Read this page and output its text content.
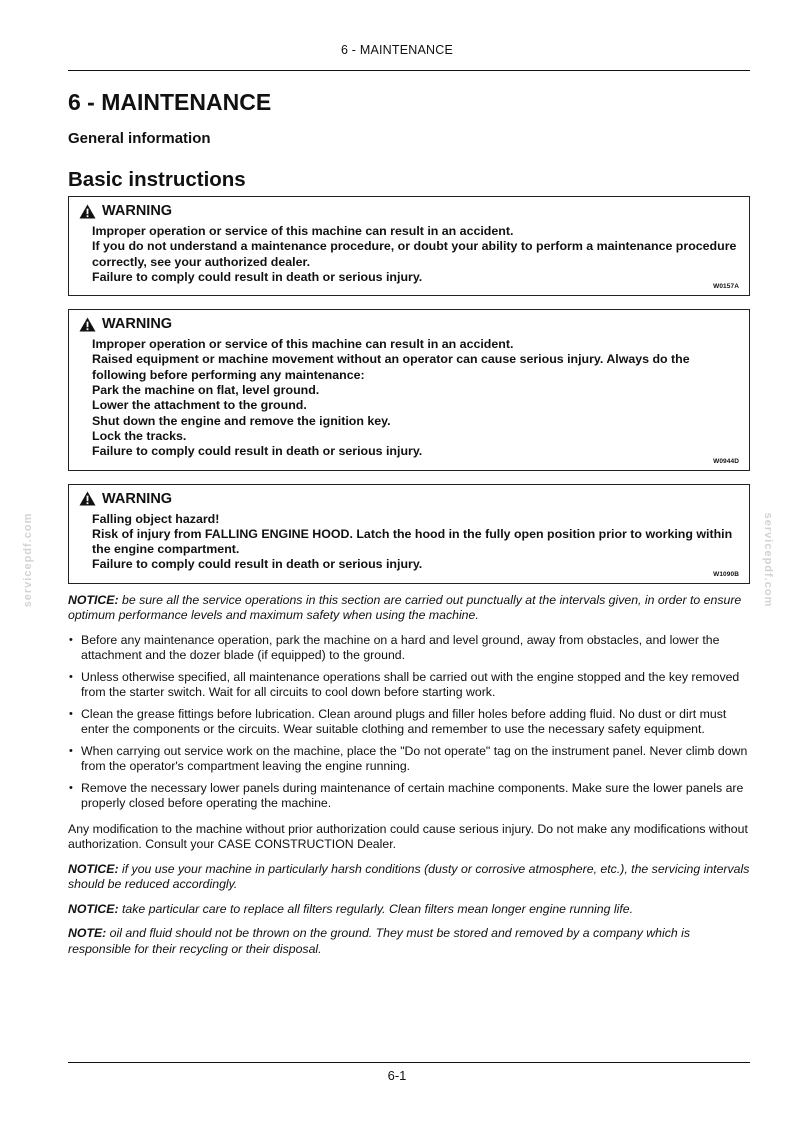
6 - MAINTENANCE
servicepdf.com	servicepdf.com
6 - MAINTENANCE
General information
Basic instructions
WARNING
Improper operation or service of this machine can result in an accident.
If you do not understand a maintenance procedure, or doubt your ability to perform a maintenance procedure correctly, see your authorized dealer.
Failure to comply could result in death or serious injury.
W0157A
WARNING
Improper operation or service of this machine can result in an accident.
Raised equipment or machine movement without an operator can cause serious injury. Always do the following before performing any maintenance:
Park the machine on flat, level ground.
Lower the attachment to the ground.
Shut down the engine and remove the ignition key.
Lock the tracks.
Failure to comply could result in death or serious injury.
W0944D
WARNING
Falling object hazard!
Risk of injury from FALLING ENGINE HOOD. Latch the hood in the fully open position prior to working within the engine compartment.
Failure to comply could result in death or serious injury.
W1090B

NOTICE: be sure all the service operations in this section are carried out punctually at the intervals given, in order to ensure optimum performance levels and maximum safety when using the machine.

• Before any maintenance operation, park the machine on a hard and level ground, away from obstacles, and lower the attachment and the dozer blade (if equipped) to the ground.
• Unless otherwise specified, all maintenance operations shall be carried out with the engine stopped and the key removed from the starter switch. Wait for all circuits to cool down before starting work.
• Clean the grease fittings before lubrication. Clean around plugs and filler holes before adding fluid. No dust or dirt must enter the components or the circuits. Wear suitable clothing and remember to use the necessary safety equipment.
• When carrying out service work on the machine, place the "Do not operate" tag on the instrument panel. Never climb down from the operator's compartment leaving the engine running.
• Remove the necessary lower panels during maintenance of certain machine components. Make sure the lower panels are properly closed before operating the machine.

Any modification to the machine without prior authorization could cause serious injury. Do not make any modifications without authorization. Consult your CASE CONSTRUCTION Dealer.

NOTICE: if you use your machine in particularly harsh conditions (dusty or corrosive atmosphere, etc.), the servicing intervals should be reduced accordingly.

NOTICE: take particular care to replace all filters regularly. Clean filters mean longer engine running life.

NOTE: oil and fluid should not be thrown on the ground. They must be stored and removed by a company which is responsible for their recycling or their disposal.

6-1
